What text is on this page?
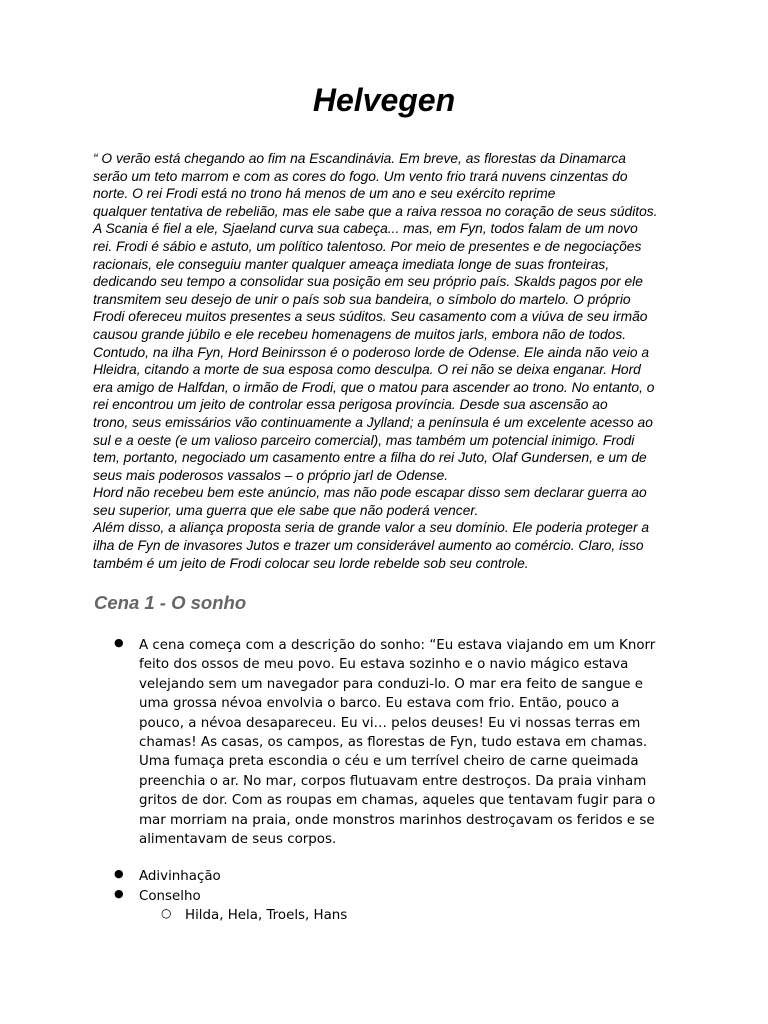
Helvegen

“ O verão está chegando ao fim na Escandinávia. Em breve, as florestas da Dinamarca
serão um teto marrom e com as cores do fogo. Um vento frio trará nuvens cinzentas do
norte. O rei Frodi está no trono há menos de um ano e seu exército reprime
qualquer tentativa de rebelião, mas ele sabe que a raiva ressoa no coração de seus súditos.
A Scania é fiel a ele, Sjaeland curva sua cabeça... mas, em Fyn, todos falam de um novo
rei. Frodi é sábio e astuto, um político talentoso. Por meio de presentes e de negociações
racionais, ele conseguiu manter qualquer ameaça imediata longe de suas fronteiras,
dedicando seu tempo a consolidar sua posição em seu próprio país. Skalds pagos por ele
transmitem seu desejo de unir o país sob sua bandeira, o símbolo do martelo. O próprio
Frodi ofereceu muitos presentes a seus súditos. Seu casamento com a viúva de seu irmão
causou grande júbilo e ele recebeu homenagens de muitos jarls, embora não de todos.
Contudo, na ilha Fyn, Hord Beinirsson é o poderoso lorde de Odense. Ele ainda não veio a
Hleidra, citando a morte de sua esposa como desculpa. O rei não se deixa enganar. Hord
era amigo de Halfdan, o irmão de Frodi, que o matou para ascender ao trono. No entanto, o
rei encontrou um jeito de controlar essa perigosa província. Desde sua ascensão ao
trono, seus emissários vão continuamente a Jylland; a península é um excelente acesso ao
sul e a oeste (e um valioso parceiro comercial), mas também um potencial inimigo. Frodi
tem, portanto, negociado um casamento entre a filha do rei Juto, Olaf Gundersen, e um de
seus mais poderosos vassalos – o próprio jarl de Odense.
Hord não recebeu bem este anúncio, mas não pode escapar disso sem declarar guerra ao
seu superior, uma guerra que ele sabe que não poderá vencer.
Além disso, a aliança proposta seria de grande valor a seu domínio. Ele poderia proteger a
ilha de Fyn de invasores Jutos e trazer um considerável aumento ao comércio. Claro, isso
também é um jeito de Frodi colocar seu lorde rebelde sob seu controle.

Cena 1 - O sonho
● A cena começa com a descrição do sonho: “Eu estava viajando em um Knorr
feito dos ossos de meu povo. Eu estava sozinho e o navio mágico estava
velejando sem um navegador para conduzi-lo. O mar era feito de sangue e
uma grossa névoa envolvia o barco. Eu estava com frio. Então, pouco a
pouco, a névoa desapareceu. Eu vi… pelos deuses! Eu vi nossas terras em
chamas! As casas, os campos, as florestas de Fyn, tudo estava em chamas.
Uma fumaça preta escondia o céu e um terrível cheiro de carne queimada
preenchia o ar. No mar, corpos flutuavam entre destroços. Da praia vinham
gritos de dor. Com as roupas em chamas, aqueles que tentavam fugir para o
mar morriam na praia, onde monstros marinhos destroçavam os feridos e se
alimentavam de seus corpos.
● Adivinhação
● Conselho
○ Hilda, Hela, Troels, Hans
